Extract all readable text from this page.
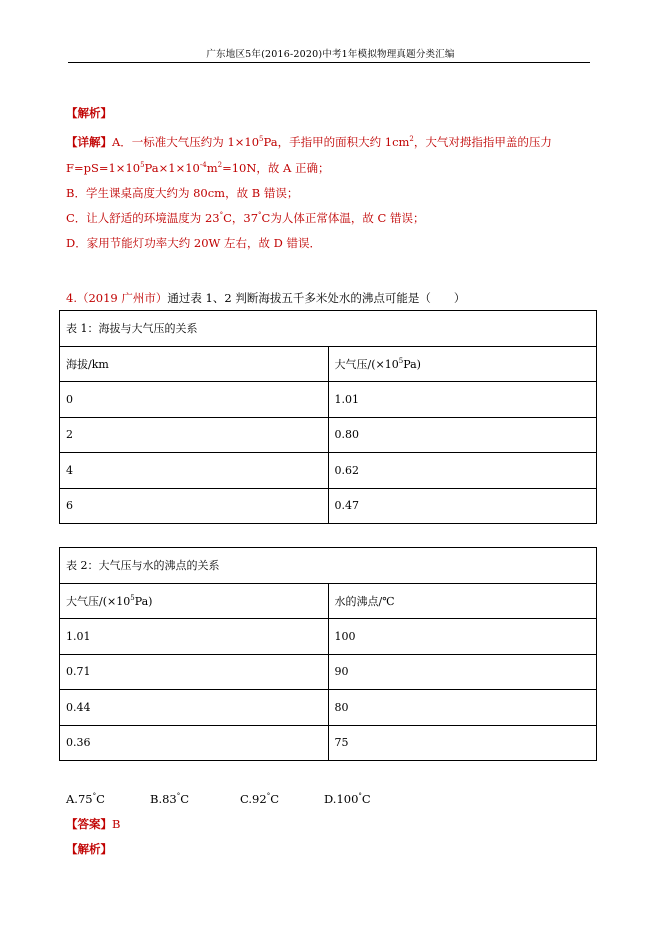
广东地区5年(2016-2020)中考1年模拟物理真题分类汇编
【解析】
【详解】A．一标准大气压约为 $1\times 10^5Pa$，手指甲的面积大约 $1cm^2$，大气对拇指指甲盖的压力
$F=pS=1\times 10^5Pa\times 1\times 10^{-4}m^2=10N$，故 A 正确；
B．学生课桌高度大约为 80cm，故 B 错误；
C．让人舒适的环境温度为 23°C，37°C为人体正常体温，故 C 错误；
D．家用节能灯功率大约 20W 左右，故 D 错误．
4.（2019 广州市）通过表 1、2 判断海拔五千多米处水的沸点可能是（　　）
表 1：海拔与大气压的关系	
海拔/km	大气压$/(\times 10^5Pa)$
0	1.01
2	0.80
4	0.62
6	0.47
表 2：大气压与水的沸点的关系	
大气压$/(\times 10^5Pa)$	水的沸点/℃
1.01	100
0.71	90
0.44	80
0.36	75
A.75°C	B.83°C	C.92°C	D.100°C
【答案】B
【解析】
